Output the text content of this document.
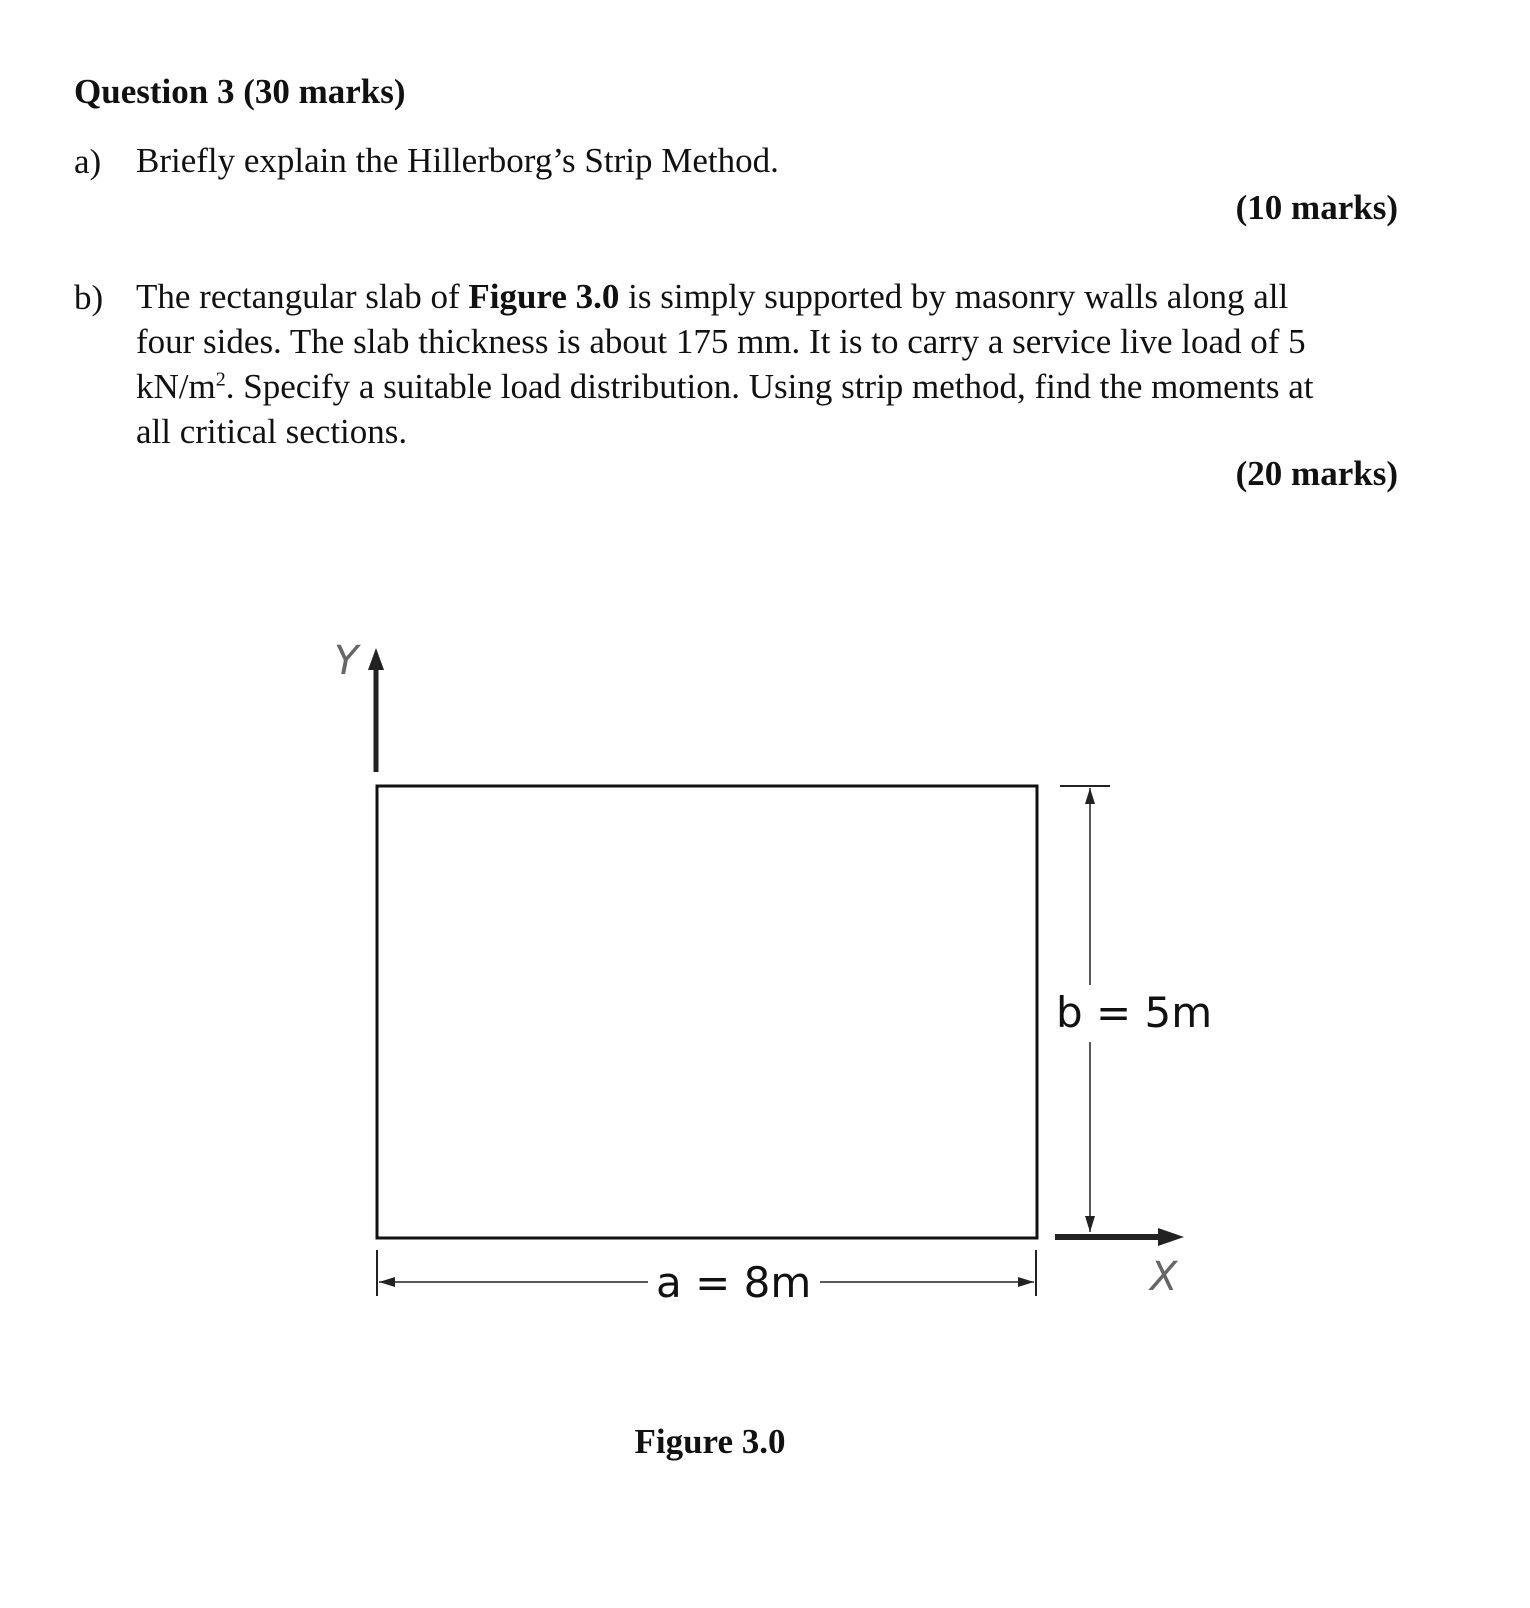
Question 3 (30 marks)
a) Briefly explain the Hillerborg’s Strip Method.
(10 marks)
b) The rectangular slab of Figure 3.0 is simply supported by masonry walls along all
four sides. The slab thickness is about 175 mm. It is to carry a service live load of 5
$kN/m^2$. Specify a suitable load distribution. Using strip method, find the moments at
all critical sections.
(20 marks)
Y
X
a = 8m
b = 5m
Figure 3.0
